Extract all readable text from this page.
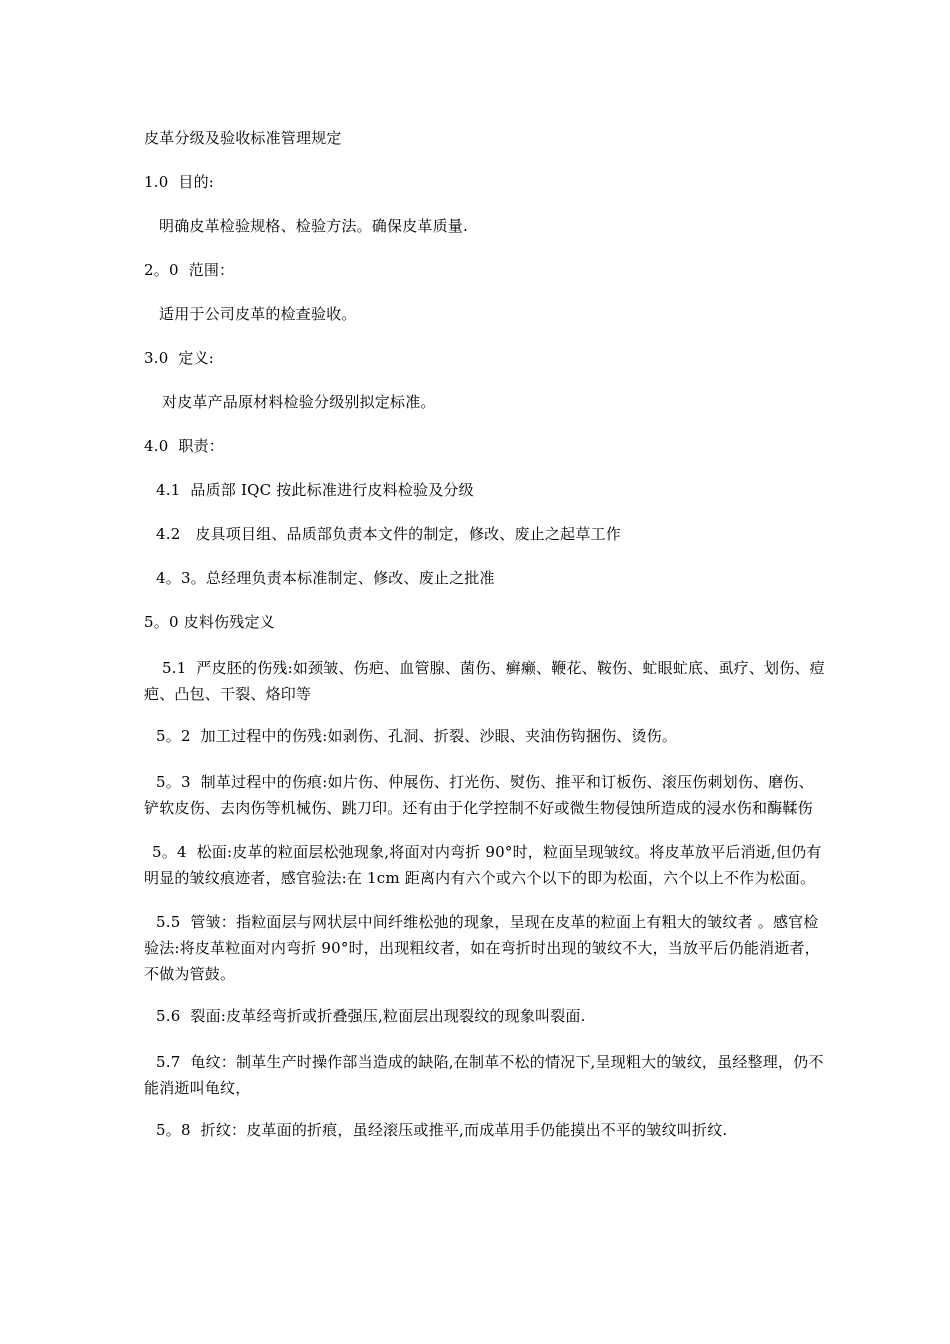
皮革分级及验收标准管理规定
1.0  目的:
明确皮革检验规格、检验方法。确保皮革质量.
2。0  范围：
适用于公司皮革的检查验收。
3.0  定义:
对皮革产品原材料检验分级别拟定标准。
4.0  职责：
4.1  品质部 IQC 按此标准进行皮料检验及分级
4.2   皮具项目组、品质部负责本文件的制定，修改、废止之起草工作
4。3。总经理负责本标准制定、修改、废止之批准
5。0 皮料伤残定义
5.1  严皮胚的伤残:如颈皱、伤疤、血管腺、菌伤、癣癞、鞭花、鞍伤、虻眼虻底、虱疗、划伤、痘疤、凸包、干裂、烙印等
5。2  加工过程中的伤残:如剥伤、孔洞、折裂、沙眼、夹油伤钩捆伤、烫伤。
5。3  制革过程中的伤痕:如片伤、仲展伤、打光伤、熨伤、推平和订板伤、滚压伤刺划伤、磨伤、铲软皮伤、去肉伤等机械伤、跳刀印。还有由于化学控制不好或微生物侵蚀所造成的浸水伤和酶鞣伤
5。4  松面:皮革的粒面层松弛现象,将面对内弯折 90°时，粒面呈现皱纹。将皮革放平后消逝,但仍有明显的皱纹痕迹者，感官验法:在 1cm 距离内有六个或六个以下的即为松面，六个以上不作为松面。
5.5  管皱：指粒面层与网状层中间纤维松弛的现象，呈现在皮革的粒面上有粗大的皱纹者 。感官检验法:将皮革粒面对内弯折 90°时，出现粗纹者，如在弯折时出现的皱纹不大，当放平后仍能消逝者，不做为管鼓。
5.6  裂面:皮革经弯折或折叠强压,粒面层出现裂纹的现象叫裂面.
5.7  龟纹：制革生产时操作部当造成的缺陷,在制革不松的情况下,呈现粗大的皱纹，虽经整理，仍不能消逝叫龟纹，
5。8  折纹：皮革面的折痕，虽经滚压或推平,而成革用手仍能摸出不平的皱纹叫折纹.
